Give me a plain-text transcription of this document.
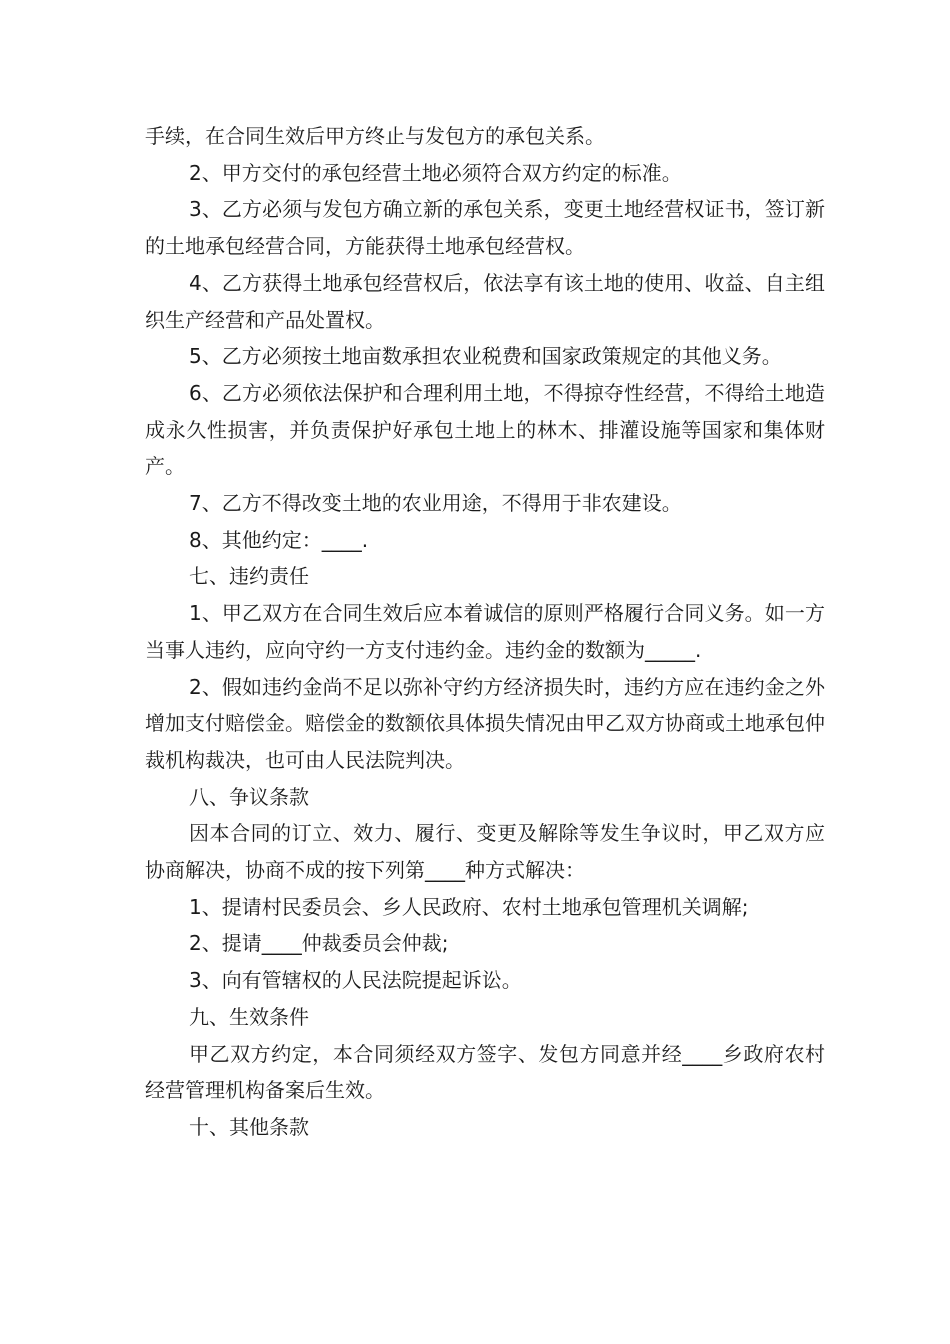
手续，在合同生效后甲方终止与发包方的承包关系。

2、甲方交付的承包经营土地必须符合双方约定的标准。

3、乙方必须与发包方确立新的承包关系，变更土地经营权证书，签订新的土地承包经营合同，方能获得土地承包经营权。

4、乙方获得土地承包经营权后，依法享有该土地的使用、收益、自主组织生产经营和产品处置权。

5、乙方必须按土地亩数承担农业税费和国家政策规定的其他义务。

6、乙方必须依法保护和合理利用土地，不得掠夺性经营，不得给土地造成永久性损害，并负责保护好承包土地上的林木、排灌设施等国家和集体财产。

7、乙方不得改变土地的农业用途，不得用于非农建设。

8、其他约定：____.

七、违约责任

1、甲乙双方在合同生效后应本着诚信的原则严格履行合同义务。如一方当事人违约，应向守约一方支付违约金。违约金的数额为_____.

2、假如违约金尚不足以弥补守约方经济损失时，违约方应在违约金之外增加支付赔偿金。赔偿金的数额依具体损失情况由甲乙双方协商或土地承包仲裁机构裁决，也可由人民法院判决。

八、争议条款

因本合同的订立、效力、履行、变更及解除等发生争议时，甲乙双方应协商解决，协商不成的按下列第____种方式解决：

1、提请村民委员会、乡人民政府、农村土地承包管理机关调解;

2、提请____仲裁委员会仲裁;

3、向有管辖权的人民法院提起诉讼。

九、生效条件

甲乙双方约定，本合同须经双方签字、发包方同意并经____乡政府农村经营管理机构备案后生效。

十、其他条款
